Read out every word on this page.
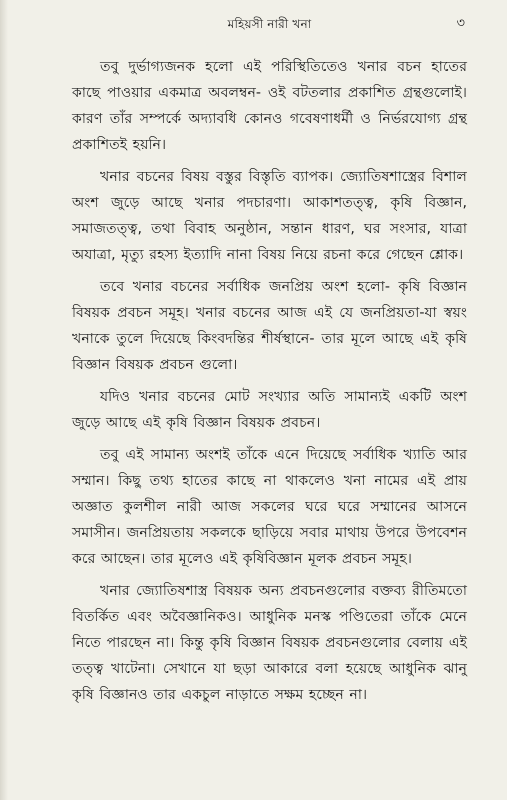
মহিয়সী নারী খনা	৩

তবু দুর্ভাগ্যজনক হলো এই পরিস্থিতিতেও খনার বচন হাতের কাছে পাওয়ার একমাত্র অবলম্বন- ওই বটতলার প্রকাশিত গ্রন্থগুলোই। কারণ তাঁর সম্পর্কে অদ্যাবধি কোনও গবেষণাধর্মী ও নির্ভরযোগ্য গ্রন্থ প্রকাশিতই হয়নি।

খনার বচনের বিষয় বস্তুর বিস্তৃতি ব্যাপক। জ্যোতিষশাস্ত্রের বিশাল অংশ জুড়ে আছে খনার পদচারণা। আকাশতত্ত্ব, কৃষি বিজ্ঞান, সমাজতত্ত্ব, তথা বিবাহ অনুষ্ঠান, সন্তান ধারণ, ঘর সংসার, যাত্রা অযাত্রা, মৃত্যু রহস্য ইত্যাদি নানা বিষয় নিয়ে রচনা করে গেছেন শ্লোক।

তবে খনার বচনের সর্বাধিক জনপ্রিয় অংশ হলো- কৃষি বিজ্ঞান বিষয়ক প্রবচন সমূহ। খনার বচনের আজ এই যে জনপ্রিয়তা-যা স্বয়ং খনাকে তুলে দিয়েছে কিংবদন্তির শীর্ষস্থানে- তার মূলে আছে এই কৃষি বিজ্ঞান বিষয়ক প্রবচন গুলো।

যদিও খনার বচনের মোট সংখ্যার অতি সামান্যই একটি অংশ জুড়ে আছে এই কৃষি বিজ্ঞান বিষয়ক প্রবচন।

তবু এই সামান্য অংশই তাঁকে এনে দিয়েছে সর্বাধিক খ্যাতি আর সম্মান। কিছু তথ্য হাতের কাছে না থাকলেও খনা নামের এই প্রায় অজ্ঞাত কুলশীল নারী আজ সকলের ঘরে ঘরে সম্মানের আসনে সমাসীন। জনপ্রিয়তায় সকলকে ছাড়িয়ে সবার মাথায় উপরে উপবেশন করে আছেন। তার মূলেও এই কৃষিবিজ্ঞান মূলক প্রবচন সমূহ।

খনার জ্যোতিষশাস্ত্র বিষয়ক অন্য প্রবচনগুলোর বক্তব্য রীতিমতো বিতর্কিত এবং অবৈজ্ঞানিকও। আধুনিক মনস্ক পণ্ডিতেরা তাঁকে মেনে নিতে পারছেন না। কিন্তু কৃষি বিজ্ঞান বিষয়ক প্রবচনগুলোর বেলায় এই তত্ত্ব খাটেনা। সেখানে যা ছড়া আকারে বলা হয়েছে আধুনিক ঝানু কৃষি বিজ্ঞানও তার একচুল নাড়াতে সক্ষম হচ্ছেন না।
